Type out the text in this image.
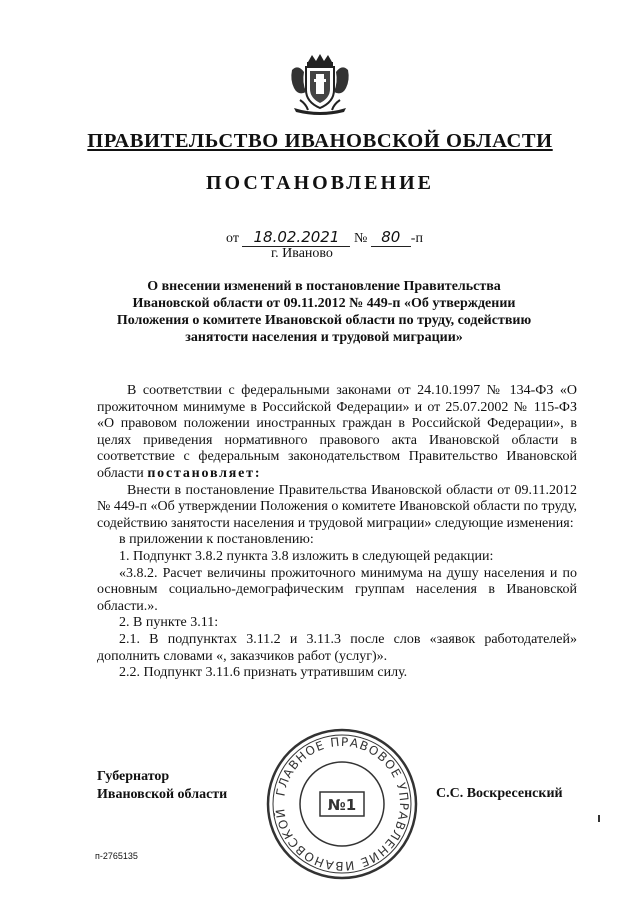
ПРАВИТЕЛЬСТВО ИВАНОВСКОЙ ОБЛАСТИ
ПОСТАНОВЛЕНИЕ
от 18.02.2021 № 80 -п
г. Иваново
О внесении изменений в постановление Правительства
Ивановской области от 09.11.2012 № 449-п «Об утверждении
Положения о комитете Ивановской области по труду, содействию
занятости населения и трудовой миграции»

В соответствии с федеральными законами от 24.10.1997 № 134-ФЗ «О прожиточном минимуме в Российской Федерации» и от 25.07.2002 № 115-ФЗ «О правовом положении иностранных граждан в Российской Федерации», в целях приведения нормативного правового акта Ивановской области в соответствие с федеральным законодательством Правительство Ивановской области постановляет:

Внести в постановление Правительства Ивановской области от 09.11.2012 № 449-п «Об утверждении Положения о комитете Ивановской области по труду, содействию занятости населения и трудовой миграции» следующие изменения:

в приложении к постановлению:

1. Подпункт 3.8.2 пункта 3.8 изложить в следующей редакции:

«3.8.2. Расчет величины прожиточного минимума на душу населения и по основным социально-демографическим группам населения в Ивановской области.».

2. В пункте 3.11:

2.1. В подпунктах 3.11.2 и 3.11.3 после слов «заявок работодателей» дополнить словами «, заказчиков работ (услуг)».

2.2. Подпункт 3.11.6 признать утратившим силу.

ГЛАВНОЕ ПРАВОВОЕ УПРАВЛЕНИЕ ИВАНОВСКОЙ	№1
Губернатор
Ивановской области	С.С. Воскресенский
п-2765135
